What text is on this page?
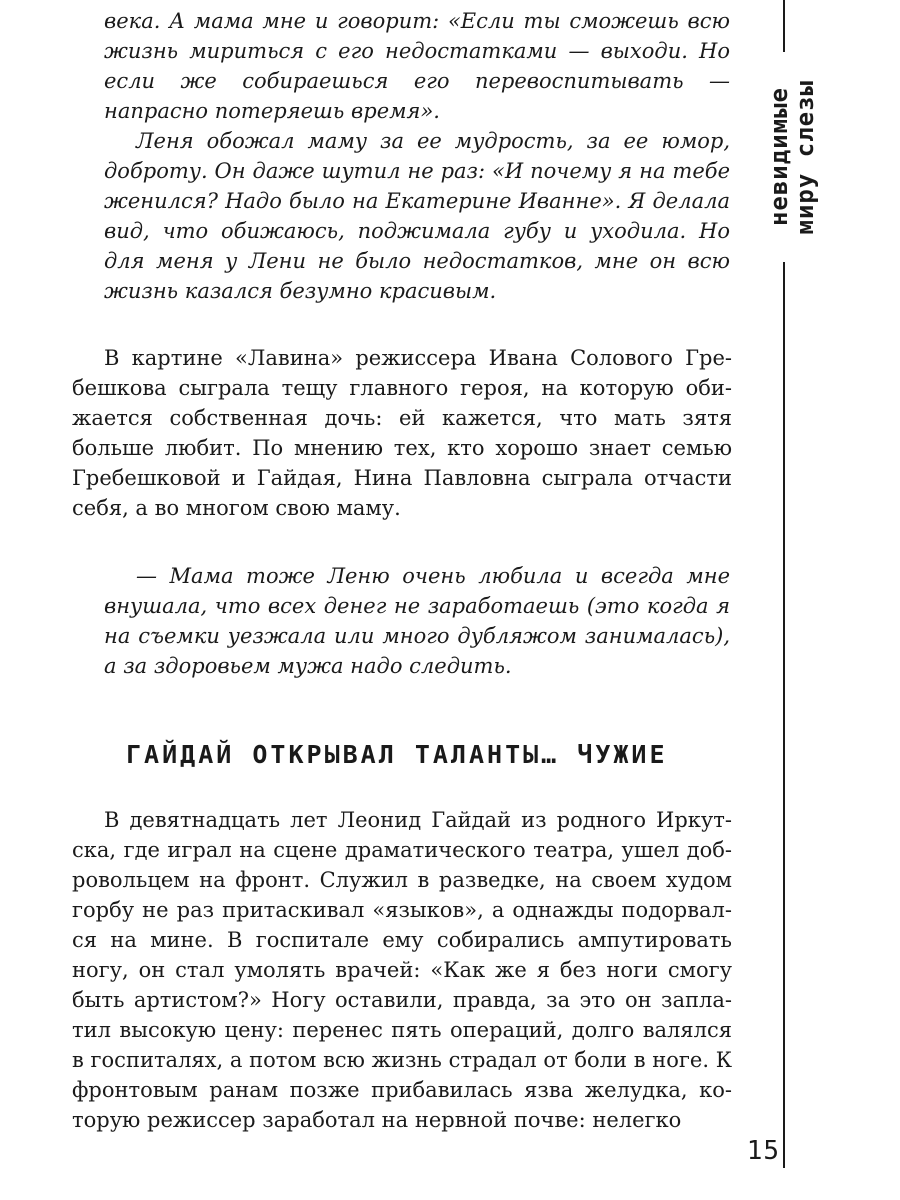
века. А мама мне и говорит: «Если ты сможешь всю жизнь мириться с его недостатками — выходи. Но если же собираешься его перевоспитывать — напрасно потеряешь время».

Леня обожал маму за ее мудрость, за ее юмор, доброту. Он даже шутил не раз: «И почему я на тебе женился? Надо было на Екатерине Иванне». Я делала вид, что обижаюсь, поджимала губу и уходила. Но для меня у Лени не было недостатков, мне он всю жизнь казался безумно красивым.

В картине «Лавина» режиссера Ивана Солового Гребешкова сыграла тещу главного героя, на которую обижается собственная дочь: ей кажется, что мать зятя больше любит. По мнению тех, кто хорошо знает семью Гребешковой и Гайдая, Нина Павловна сыграла отчасти себя, а во многом свою маму.

— Мама тоже Леню очень любила и всегда мне внушала, что всех денег не заработаешь (это когда я на съемки уезжала или много дубляжом занималась), а за здоровьем мужа надо следить.

ГАЙДАЙ ОТКРЫВАЛ ТАЛАНТЫ… ЧУЖИЕ

В девятнадцать лет Леонид Гайдай из родного Иркутска, где играл на сцене драматического театра, ушел добровольцем на фронт. Служил в разведке, на своем худом горбу не раз притаскивал «языков», а однажды подорвался на мине. В госпитале ему собирались ампутировать ногу, он стал умолять врачей: «Как же я без ноги смогу быть артистом?» Ногу оставили, правда, за это он заплатил высокую цену: перенес пять операций, долго валялся в госпиталях, а потом всю жизнь страдал от боли в ноге. К фронтовым ранам позже прибавилась язва желудка, которую режиссер заработал на нервной почве: нелегко

невидимые
миру слезы
15
